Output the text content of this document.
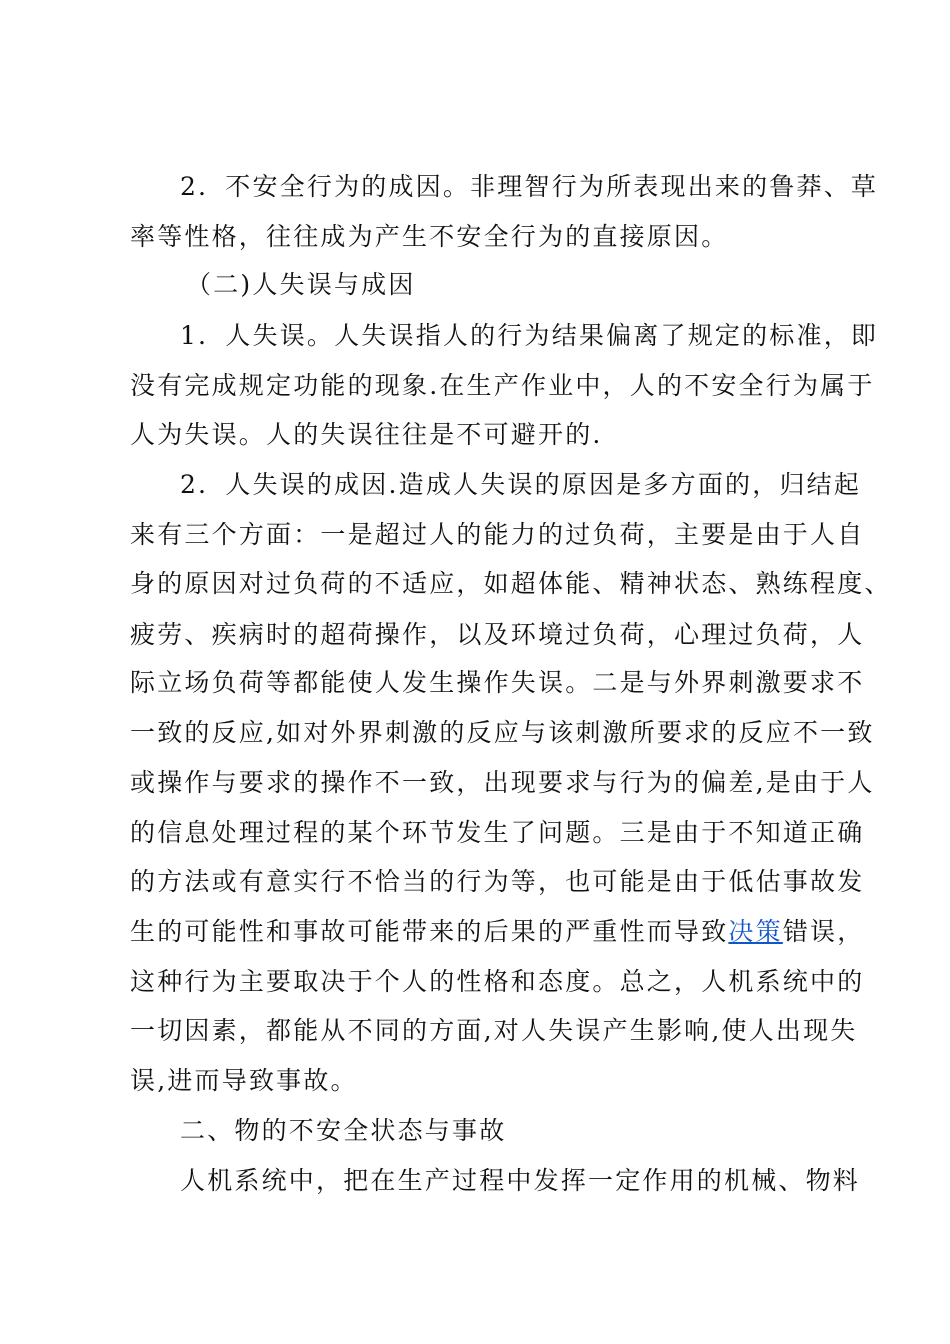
2．不安全行为的成因。非理智行为所表现出来的鲁莽、草
率等性格，往往成为产生不安全行为的直接原因。
（二)人失误与成因
1．人失误。人失误指人的行为结果偏离了规定的标准，即
没有完成规定功能的现象.在生产作业中，人的不安全行为属于
人为失误。人的失误往往是不可避开的.
2．人失误的成因.造成人失误的原因是多方面的，归结起
来有三个方面：一是超过人的能力的过负荷，主要是由于人自
身的原因对过负荷的不适应，如超体能、精神状态、熟练程度、
疲劳、疾病时的超荷操作，以及环境过负荷，心理过负荷，人
际立场负荷等都能使人发生操作失误。二是与外界刺激要求不
一致的反应,如对外界刺激的反应与该刺激所要求的反应不一致
或操作与要求的操作不一致，出现要求与行为的偏差,是由于人
的信息处理过程的某个环节发生了问题。三是由于不知道正确
的方法或有意实行不恰当的行为等，也可能是由于低估事故发
生的可能性和事故可能带来的后果的严重性而导致决策错误，
这种行为主要取决于个人的性格和态度。总之，人机系统中的
一切因素，都能从不同的方面,对人失误产生影响,使人出现失
误,进而导致事故。
二、物的不安全状态与事故
人机系统中，把在生产过程中发挥一定作用的机械、物料
